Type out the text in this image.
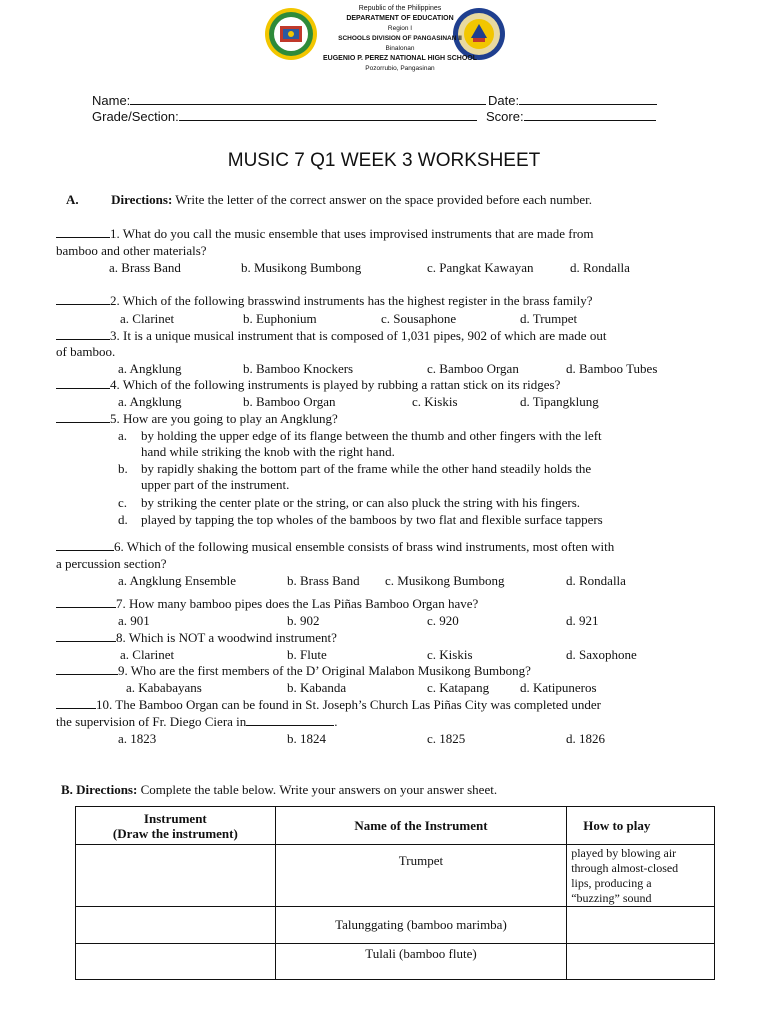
Republic of the Philippines
DEPARATMENT OF EDUCATION
Region I
SCHOOLS DIVISION OF PANGASINAN II
Binalonan
EUGENIO P. PEREZ NATIONAL HIGH SCHOOL
Pozorrubio, Pangasinan
Name:	Date:
Grade/Section:	Score:
MUSIC 7 Q1 WEEK 3 WORKSHEET
A.	Directions: Write the letter of the correct answer on the space provided before each number.
1. What do you call the music ensemble that uses improvised instruments that are made from
bamboo and other materials?
a. Brass Band	b. Musikong Bumbong	c. Pangkat Kawayan	d. Rondalla
2. Which of the following brasswind instruments has the highest register in the brass family?
a. Clarinet	b. Euphonium	c. Sousaphone	d. Trumpet
3. It is a unique musical instrument that is composed of 1,031 pipes, 902 of which are made out
of bamboo.
a. Angklung	b. Bamboo Knockers	c. Bamboo Organ	d. Bamboo Tubes
4. Which of the following instruments is played by rubbing a rattan stick on its ridges?
a. Angklung	b. Bamboo Organ	c. Kiskis	d. Tipangklung
5. How are you going to play an Angklung?
a. by holding the upper edge of its flange between the thumb and other fingers with the left
hand while striking the knob with the right hand.
b. by rapidly shaking the bottom part of the frame while the other hand steadily holds the
upper part of the instrument.
c. by striking the center plate or the string, or can also pluck the string with his fingers.
d. played by tapping the top wholes of the bamboos by two flat and flexible surface tappers
6. Which of the following musical ensemble consists of brass wind instruments, most often with
a percussion section?
a. Angklung Ensemble	b. Brass Band c. Musikong Bumbong	d. Rondalla
7. How many bamboo pipes does the Las Piñas Bamboo Organ have?
a. 901	b. 902	c. 920	d. 921
8. Which is NOT a woodwind instrument?
a. Clarinet	b. Flute	c. Kiskis	d. Saxophone
9. Who are the first members of the D’ Original Malabon Musikong Bumbong?
a. Kababayans	b. Kabanda	c. Katapang d. Katipuneros
10. The Bamboo Organ can be found in St. Joseph’s Church Las Piñas City was completed under
the supervision of Fr. Diego Ciera in	.
a. 1823	b. 1824	c. 1825	d. 1826
B. Directions: Complete the table below. Write your answers on your answer sheet.
Instrument
(Draw the instrument)	Name of the Instrument	How to play
	Trumpet	played by blowing air
through almost-closed
lips, producing a
“buzzing” sound

	Talunggating (bamboo marimba)	
	Tulali (bamboo flute)	
